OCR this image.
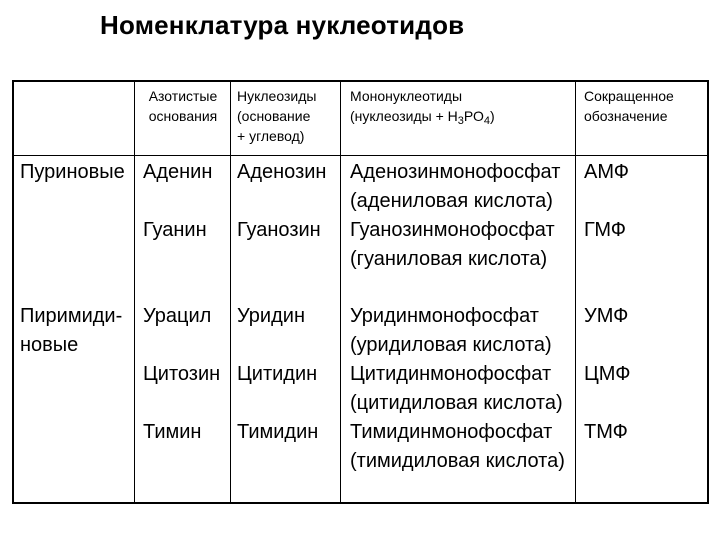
Номенклатура нуклеотидов
Азотистые
основания
Нуклеозиды
(основание
+ углевод)
Мононуклеотиды
(нуклеозиды + $Н_3РО_4$)
Сокращенное
обозначение
Пуриновые
Пиримиди-
новые
Аденин Аденозин Аденозинмонофосфат
(адениловая кислота)
АМФ
Гуанин Гуанозин Гуанозинмонофосфат
(гуаниловая кислота)
ГМФ
Урацил Уридин Уридинмонофосфат
(уридиловая кислота)
УМФ
Цитозин Цитидин Цитидинмонофосфат
(цитидиловая кислота)
ЦМФ
Тимин Тимидин Тимидинмонофосфат
(тимидиловая кислота)
ТМФ
